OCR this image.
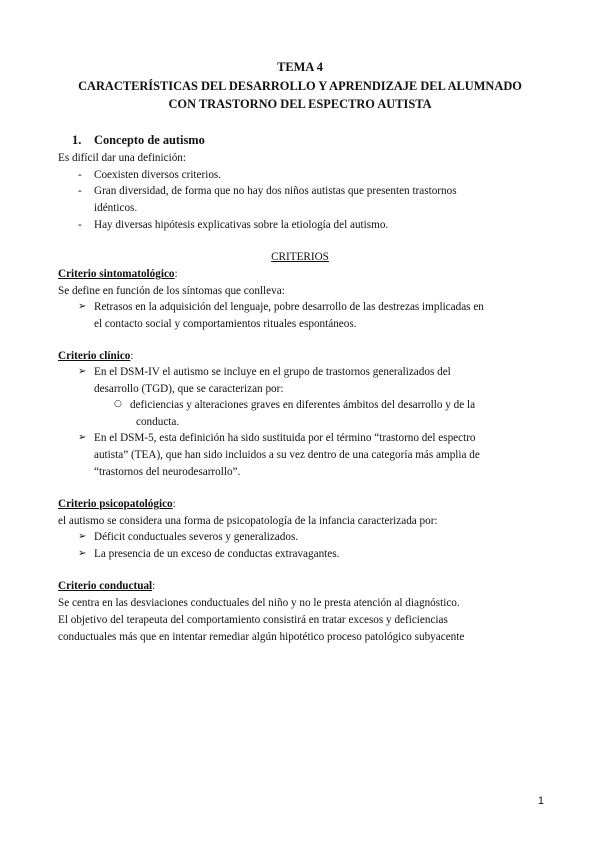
TEMA 4
CARACTERÍSTICAS DEL DESARROLLO Y APRENDIZAJE DEL ALUMNADO
CON TRASTORNO DEL ESPECTRO AUTISTA
1. Concepto de autismo
Es difícil dar una definición:
- Coexisten diversos criterios.
- Gran diversidad, de forma que no hay dos niños autistas que presenten trastornos
idénticos.
- Hay diversas hipótesis explicativas sobre la etiología del autismo.
CRITERIOS
Criterio sintomatológico:
Se define en función de los síntomas que conlleva:
➢ Retrasos en la adquisición del lenguaje, pobre desarrollo de las destrezas implicadas en
el contacto social y comportamientos rituales espontáneos.
Criterio clínico:
➢ En el DSM-IV el autismo se incluye en el grupo de trastornos generalizados del
desarrollo (TGD), que se caracterizan por:
○ deficiencias y alteraciones graves en diferentes ámbitos del desarrollo y de la
conducta.
➢ En el DSM-5, esta definición ha sido sustituida por el término “trastorno del espectro
autista” (TEA), que han sido incluidos a su vez dentro de una categoría más amplia de
“trastornos del neurodesarrollo”.
Criterio psicopatológico:
el autismo se considera una forma de psicopatología de la infancia caracterizada por:
➢ Déficit conductuales severos y generalizados.
➢ La presencia de un exceso de conductas extravagantes.
Criterio conductual:
Se centra en las desviaciones conductuales del niño y no le presta atención al diagnóstico.
El objetivo del terapeuta del comportamiento consistirá en tratar excesos y deficiencias
conductuales más que en intentar remediar algún hipotético proceso patológico subyacente
1
